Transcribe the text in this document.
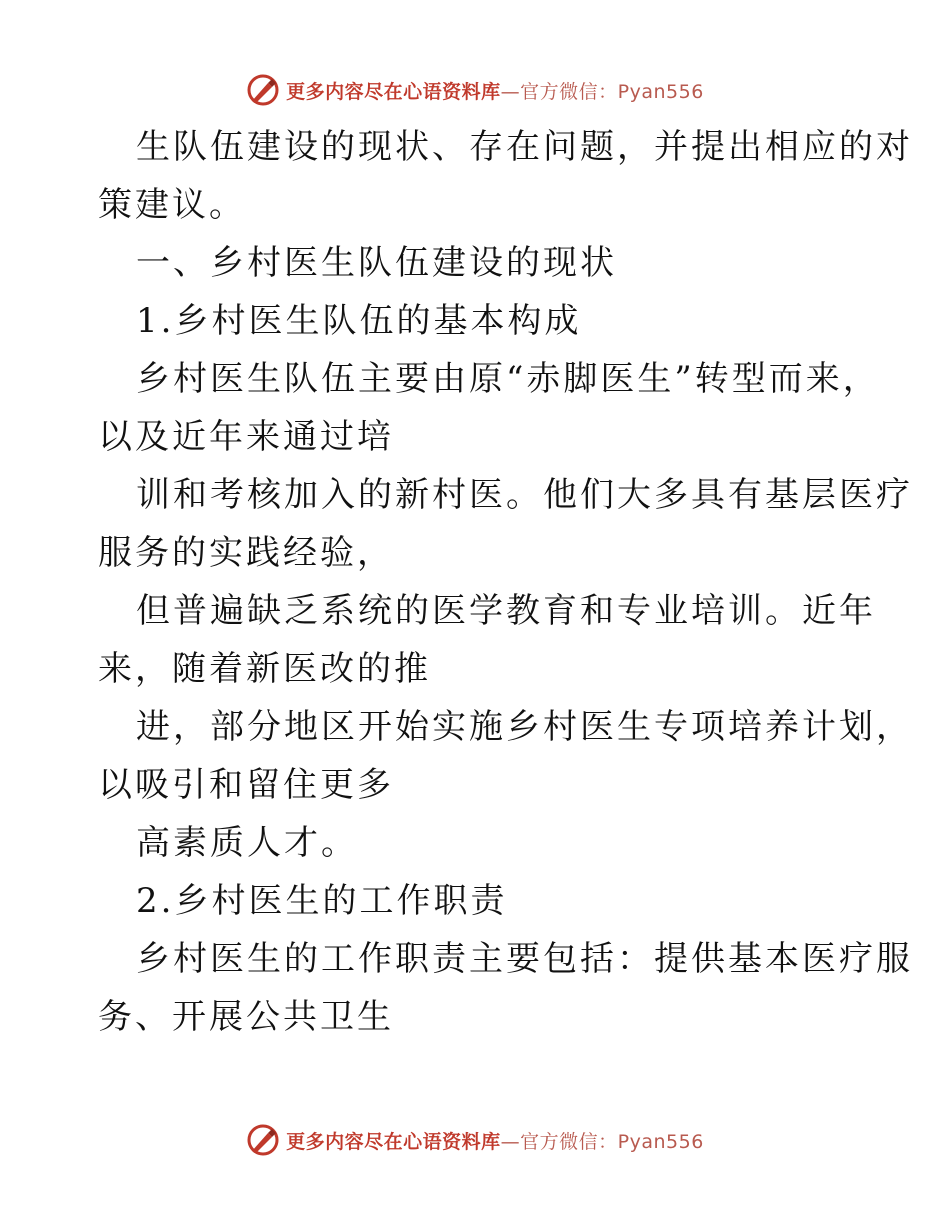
更多内容尽在心语资料库—官方微信：Pyan556
生队伍建设的现状、存在问题，并提出相应的对
策建议。
一、乡村医生队伍建设的现状
1.乡村医生队伍的基本构成
乡村医生队伍主要由原“赤脚医生”转型而来，
以及近年来通过培
训和考核加入的新村医。他们大多具有基层医疗
服务的实践经验，
但普遍缺乏系统的医学教育和专业培训。近年
来，随着新医改的推
进，部分地区开始实施乡村医生专项培养计划，
以吸引和留住更多
高素质人才。
2.乡村医生的工作职责
乡村医生的工作职责主要包括：提供基本医疗服
务、开展公共卫生
更多内容尽在心语资料库—官方微信：Pyan556
